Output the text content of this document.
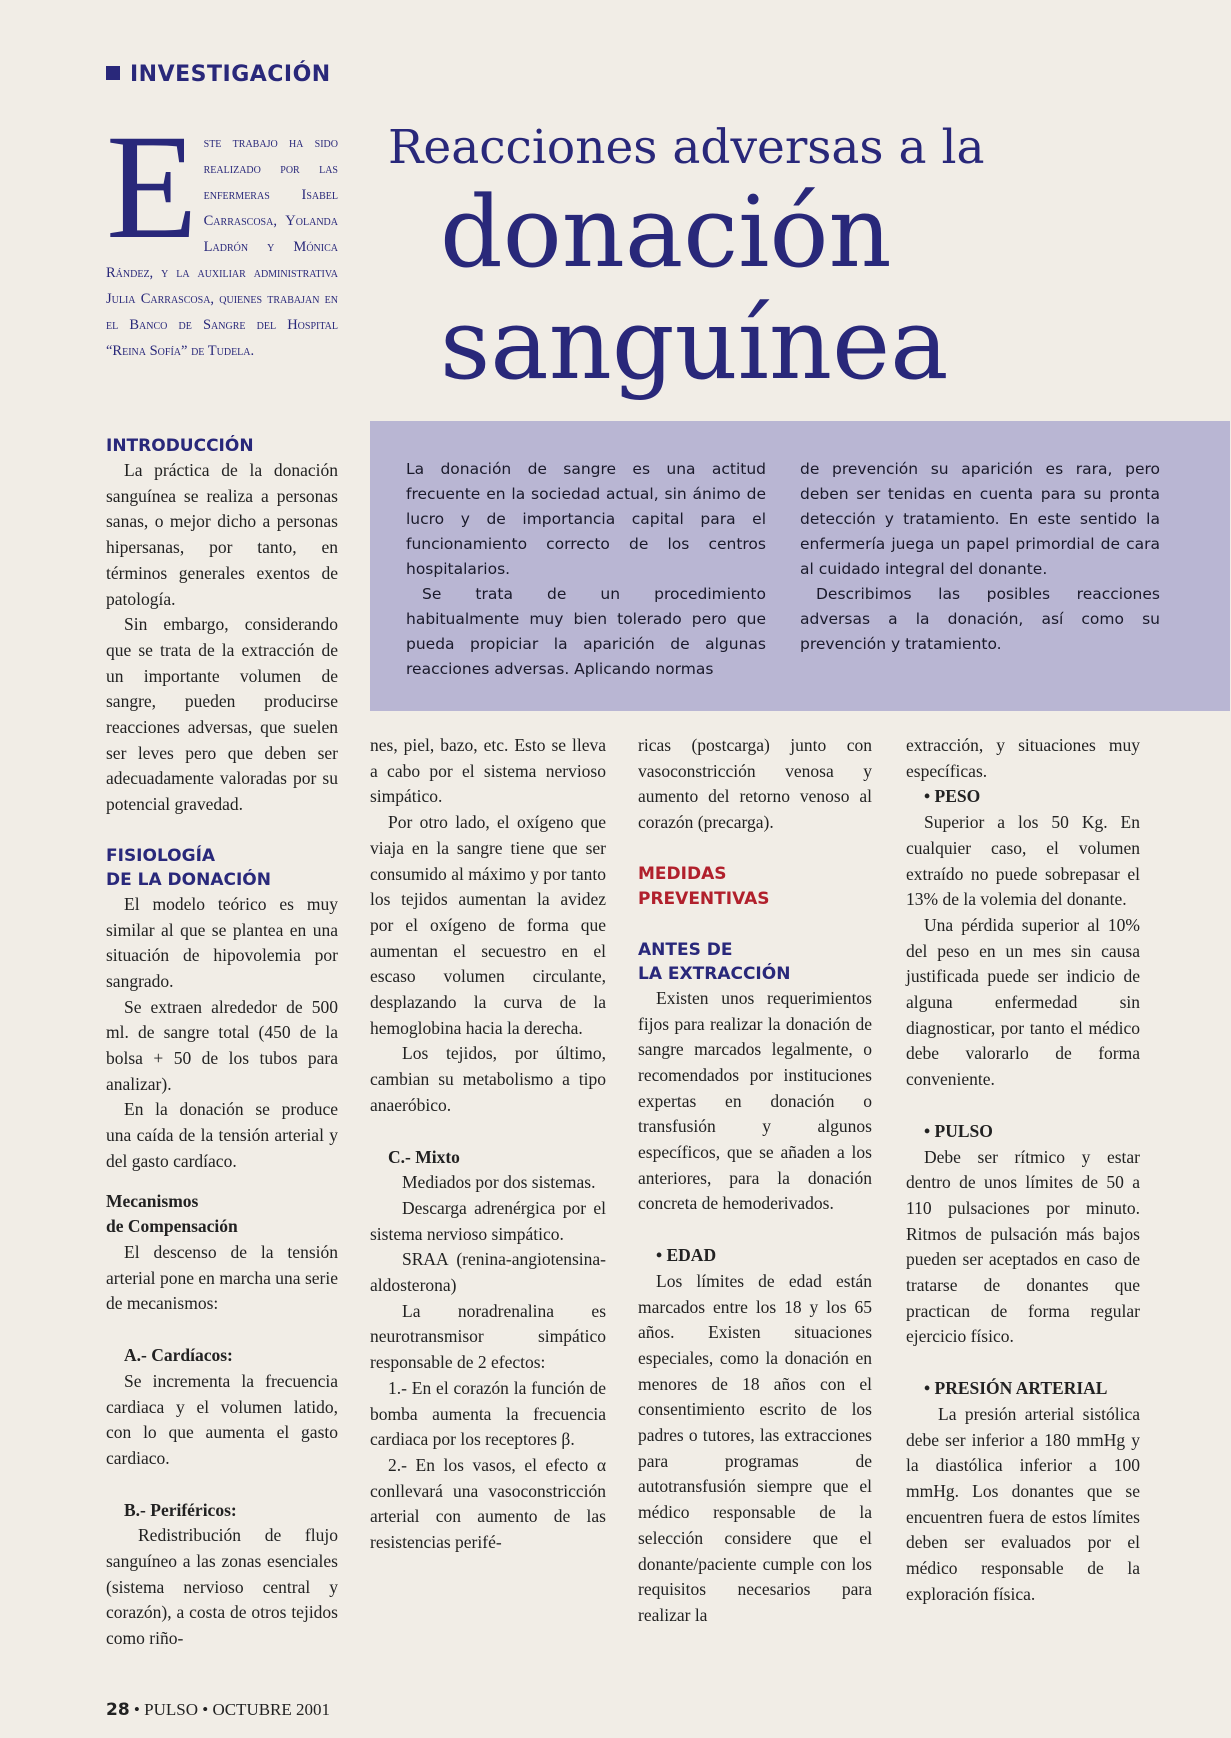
INVESTIGACIÓN
Este trabajo ha sido realizado por las enfermeras Isabel Carrascosa, Yolanda Ladrón y Mónica Rández, y la auxiliar administrativa Julia Carrascosa, quienes trabajan en el Banco de Sangre del Hospital “Reina Sofía” de Tudela.
Reacciones adversas a la
donación
sanguínea

La donación de sangre es una actitud frecuente en la sociedad actual, sin ánimo de lucro y de importancia capital para el funcionamiento correcto de los centros hospitalarios.

Se trata de un procedimiento habitualmente muy bien tolerado pero que pueda propiciar la aparición de algunas reacciones adversas. Aplicando normas

de prevención su aparición es rara, pero deben ser tenidas en cuenta para su pronta detección y tratamiento. En este sentido la enfermería juega un papel primordial de cara al cuidado integral del donante.

Describimos las posibles reacciones adversas a la donación, así como su prevención y tratamiento.

INTRODUCCIÓN

La práctica de la donación sanguínea se realiza a personas sanas, o mejor dicho a personas hipersanas, por tanto, en términos generales exentos de patología.

Sin embargo, considerando que se trata de la extracción de un importante volumen de sangre, pueden producirse reacciones adversas, que suelen ser leves pero que deben ser adecuadamente valoradas por su potencial gravedad.

FISIOLOGÍA

DE LA DONACIÓN

El modelo teórico es muy similar al que se plantea en una situación de hipovolemia por sangrado.

Se extraen alrededor de 500 ml. de sangre total (450 de la bolsa + 50 de los tubos para analizar).

En la donación se produce una caída de la tensión arterial y del gasto cardíaco.

Mecanismos

de Compensación

El descenso de la tensión arterial pone en marcha una serie de mecanismos:

A.- Cardíacos:

Se incrementa la frecuencia cardiaca y el volumen latido, con lo que aumenta el gasto cardiaco.

B.- Periféricos:

Redistribución de flujo sanguíneo a las zonas esenciales (sistema nervioso central y corazón), a costa de otros tejidos como riño-

nes, piel, bazo, etc. Esto se lleva a cabo por el sistema nervioso simpático.

Por otro lado, el oxígeno que viaja en la sangre tiene que ser consumido al máximo y por tanto los tejidos aumentan la avidez por el oxígeno de forma que aumentan el secuestro en el escaso volumen circulante, desplazando la curva de la hemoglobina hacia la derecha.

Los tejidos, por último, cambian su metabolismo a tipo anaeróbico.

C.- Mixto

Mediados por dos sistemas.

Descarga adrenérgica por el sistema nervioso simpático.

SRAA (renina-angiotensina-aldosterona)

La noradrenalina es neurotransmisor simpático responsable de 2 efectos:

1.- En el corazón la función de bomba aumenta la frecuencia cardiaca por los receptores β.

2.- En los vasos, el efecto α conllevará una vasoconstricción arterial con aumento de las resistencias perifé-

ricas (postcarga) junto con vasoconstricción venosa y aumento del retorno venoso al corazón (precarga).

MEDIDAS

PREVENTIVAS

ANTES DE

LA EXTRACCIÓN

Existen unos requerimientos fijos para realizar la donación de sangre marcados legalmente, o recomendados por instituciones expertas en donación o transfusión y algunos específicos, que se añaden a los anteriores, para la donación concreta de hemoderivados.

• EDAD

Los límites de edad están marcados entre los 18 y los 65 años. Existen situaciones especiales, como la donación en menores de 18 años con el consentimiento escrito de los padres o tutores, las extracciones para programas de autotransfusión siempre que el médico responsable de la selección considere que el donante/paciente cumple con los requisitos necesarios para realizar la

extracción, y situaciones muy específicas.

• PESO

Superior a los 50 Kg. En cualquier caso, el volumen extraído no puede sobrepasar el 13% de la volemia del donante.

Una pérdida superior al 10% del peso en un mes sin causa justificada puede ser indicio de alguna enfermedad sin diagnosticar, por tanto el médico debe valorarlo de forma conveniente.

• PULSO

Debe ser rítmico y estar dentro de unos límites de 50 a 110 pulsaciones por minuto. Ritmos de pulsación más bajos pueden ser aceptados en caso de tratarse de donantes que practican de forma regular ejercicio físico.

• PRESIÓN ARTERIAL

La presión arterial sistólica debe ser inferior a 180 mmHg y la diastólica inferior a 100 mmHg. Los donantes que se encuentren fuera de estos límites deben ser evaluados por el médico responsable de la exploración física.

28 • PULSO • OCTUBRE 2001
